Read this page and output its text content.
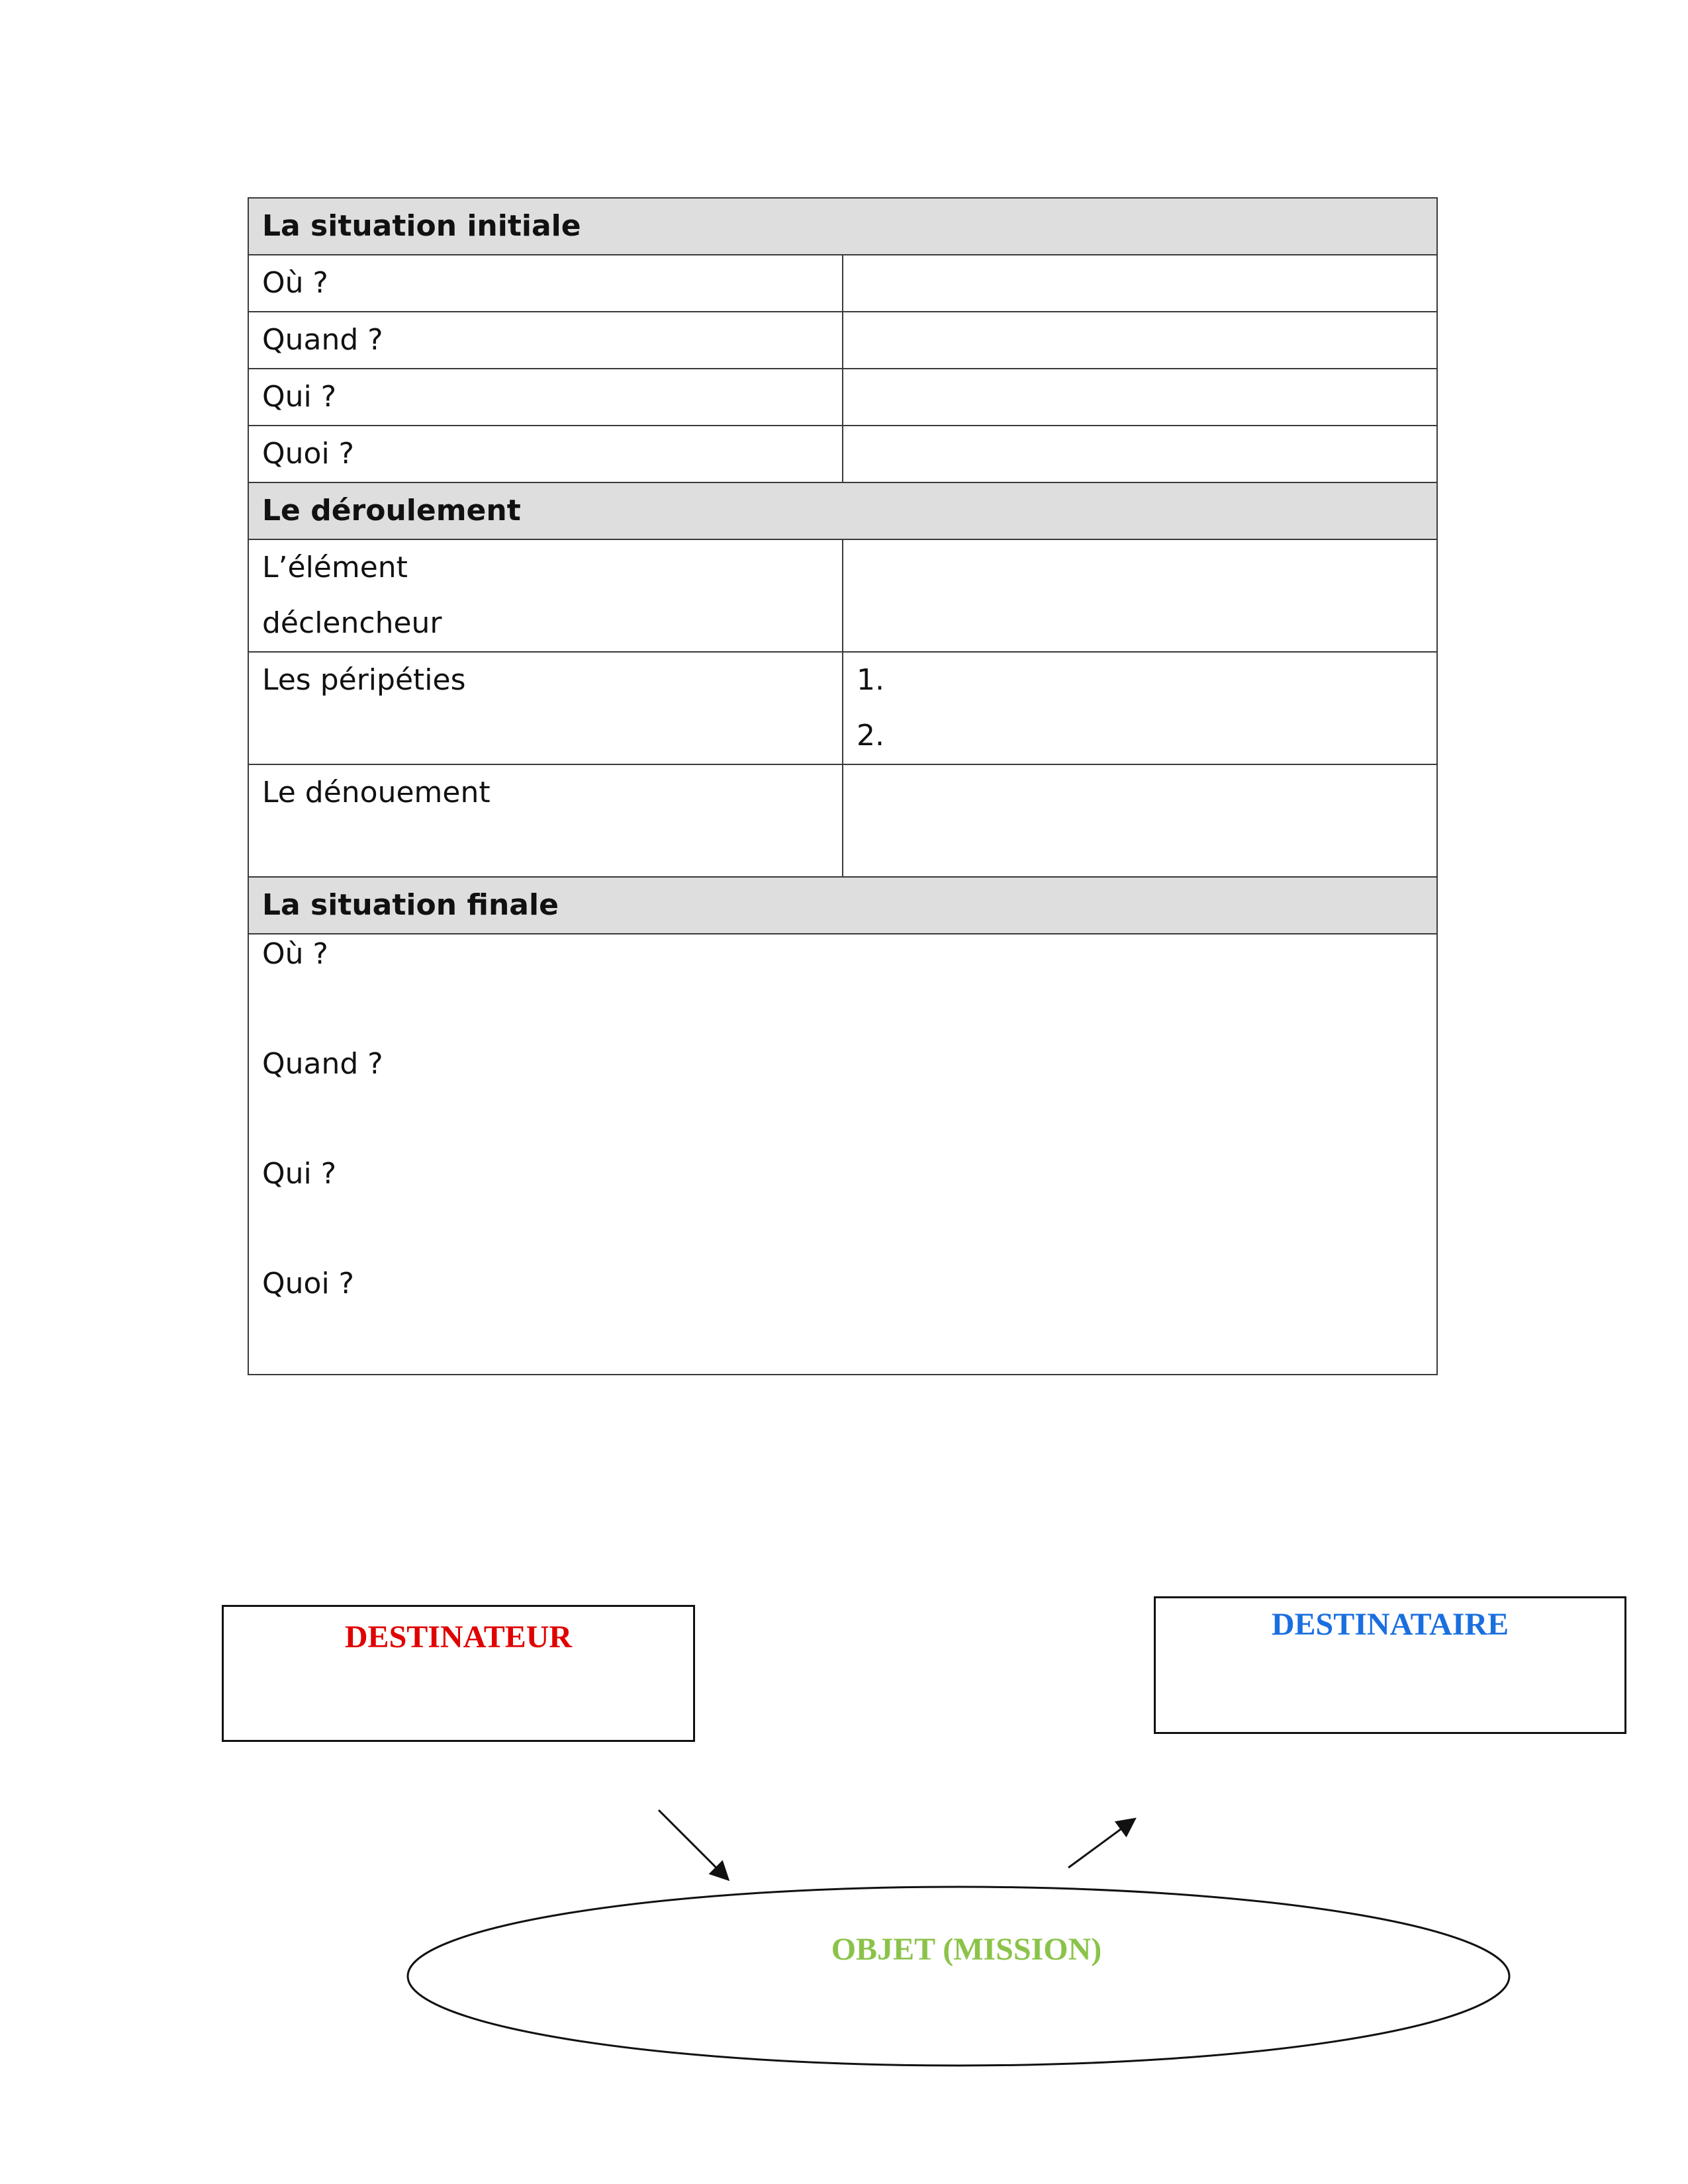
La situation initiale	
Où ?	
Quand ?	
Qui ?	
Quoi ?	
Le déroulement	
L’élément
déclencheur	
Les péripéties	1.
2.
Le dénouement	
La situation finale	

Où ?
Quand ?
Qui ?
Quoi ?	
DESTINATEUR	DESTINATAIRE
OBJET (MISSION)
